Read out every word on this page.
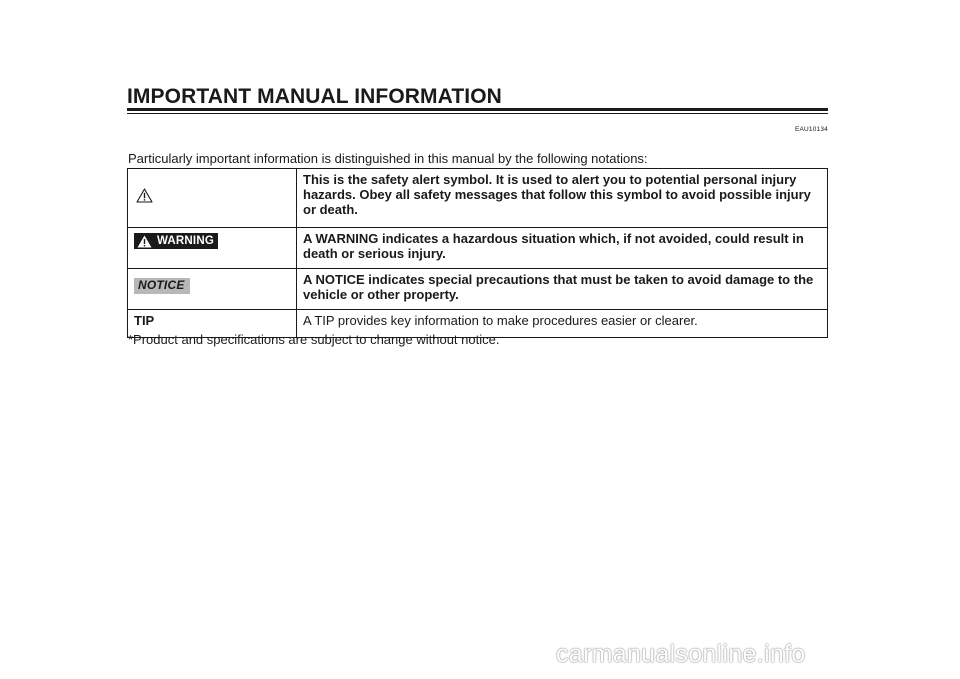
IMPORTANT MANUAL INFORMATION
EAU10134
Particularly important information is distinguished in this manual by the following notations:
	This is the safety alert symbol. It is used to alert you to potential personal injury hazards. Obey all safety messages that follow this symbol to avoid possible injury or death.

WARNING	A WARNING indicates a hazardous situation which, if not avoided, could result in death or serious injury.
NOTICE	A NOTICE indicates special precautions that must be taken to avoid damage to the vehicle or other property.
TIP	A TIP provides key information to make procedures easier or clearer.
*Product and specifications are subject to change without notice.
carmanualsonline.info
